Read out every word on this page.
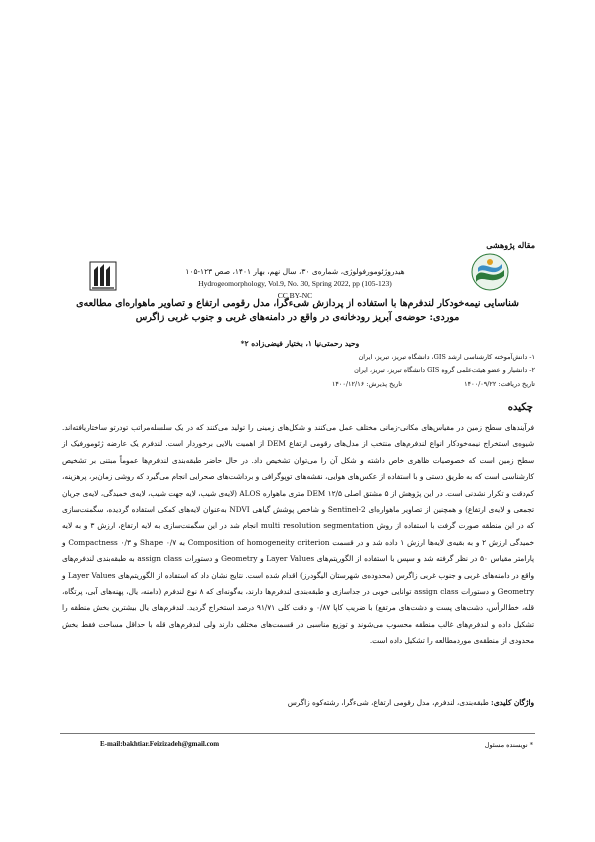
مقاله پژوهشی
هیدروژئومورفولوژی، شماره‌ی ۳۰، سال نهم، بهار ۱۴۰۱، صص ۱۲۳-۱۰۵
Hydrogeomorphology, Vol.9, No. 30, Spring 2022, pp (105-123)
CC BY-NC
شناسایی نیمه‌خودکار لندفرم‌ها با استفاده از پردازش شیء‌گرا، مدل رقومی ارتفاع و تصاویر ماهواره‌ای مطالعه‌ی موردی: حوضه‌ی آبریز رودخانه‌ی در واقع در دامنه‌های غربی و جنوب غربی زاگرس
وحید رحمتی‌نیا ۱، بختیار فیضی‌زاده ۲*
۱- دانش‌آموخته کارشناسی ارشد GIS، دانشگاه تبریز، تبریز، ایران
۲- دانشیار و عضو هیئت‌علمی گروه GIS دانشگاه تبریز، تبریز، ایران
تاریخ دریافت: ۱۴۰۰/۰۹/۲۲ تاریخ پذیرش: ۱۴۰۰/۱۲/۱۶
چکیده
فرآیندهای سطح زمین در مقیاس‌های مکانی-زمانی مختلف عمل می‌کنند و شکل‌های زمینی را تولید می‌کنند که در یک سلسله‌مراتب تودرتو ساختاریافته‌اند. شیوه‌ی استخراج نیمه‌خودکار انواع لندفرم‌های منتخب از مدل‌های رقومی ارتفاع DEM از اهمیت بالایی برخوردار است. لندفرم یک عارضه ژئومورفیک از سطح زمین است که خصوصیات ظاهری خاص داشته و شکل آن را می‌توان تشخیص داد. در حال حاضر طبقه‌بندی لندفرم‌ها عموماً مبتنی بر تشخیص کارشناسی است که به طریق دستی و با استفاده از عکس‌های هوایی، نقشه‌های توپوگرافی و برداشت‌های صحرایی انجام می‌گیرد که روشی زمان‌بر، پرهزینه، کم‌دقت و تکرار نشدنی است. در این پژوهش از ۵ مشتق اصلی DEM ۱۲/۵ متری ماهواره ALOS (لایه‌ی شیب، لایه جهت شیب، لایه‌ی خمیدگی، لایه‌ی جریان تجمعی و لایه‌ی ارتفاع) و همچنین از تصاویر ماهواره‌ای Sentinel-2 و شاخص پوشش گیاهی NDVI به‌عنوان لایه‌های کمکی استفاده گردیده، سگمنت‌سازی که در این منطقه صورت گرفت با استفاده از روش multi resolution segmentation انجام شد در این سگمنت‌سازی به لایه ارتفاع، ارزش ۳ و به لایه خمیدگی ارزش ۲ و به بقیه‌ی لایه‌ها ارزش ۱ داده شد و در قسمت Composition of homogeneity criterion به Shape ۰/۷ و Compactness ۰/۳ و پارامتر مقیاس ۵۰ در نظر گرفته شد و سپس با استفاده از الگوریتم‌های Layer Values و Geometry و دستورات assign class به طبقه‌بندی لندفرم‌های واقع در دامنه‌های غربی و جنوب غربی زاگرس (محدوده‌ی شهرستان الیگودرز) اقدام شده است. نتایج نشان داد که استفاده از الگوریتم‌های Layer Values و Geometry و دستورات assign class توانایی خوبی در جداسازی و طبقه‌بندی لندفرم‌ها دارند، به‌گونه‌ای که ۸ نوع لندفرم (دامنه، یال، پهنه‌های آبی، پرتگاه، قله، خط‌الرأس، دشت‌های پست و دشت‌های مرتفع) با ضریب کاپا ۰/۸۷ و دقت کلی ۹۱/۷۱ درصد استخراج گردید. لندفرم‌های یال بیشترین بخش منطقه را تشکیل داده و لندفرم‌های غالب منطقه محسوب می‌شوند و توزیع مناسبی در قسمت‌های مختلف دارند ولی لندفرم‌های قله با حداقل مساحت فقط بخش محدودی از منطقه‌ی موردمطالعه را تشکیل داده است.
واژگان کلیدی: طبقه‌بندی، لندفرم، مدل رقومی ارتفاع، شیء‌گرا، رشته‌کوه زاگرس
E-mail:bakhtiar.Feizizadeh@gmail.com	* نویسنده مسئول
